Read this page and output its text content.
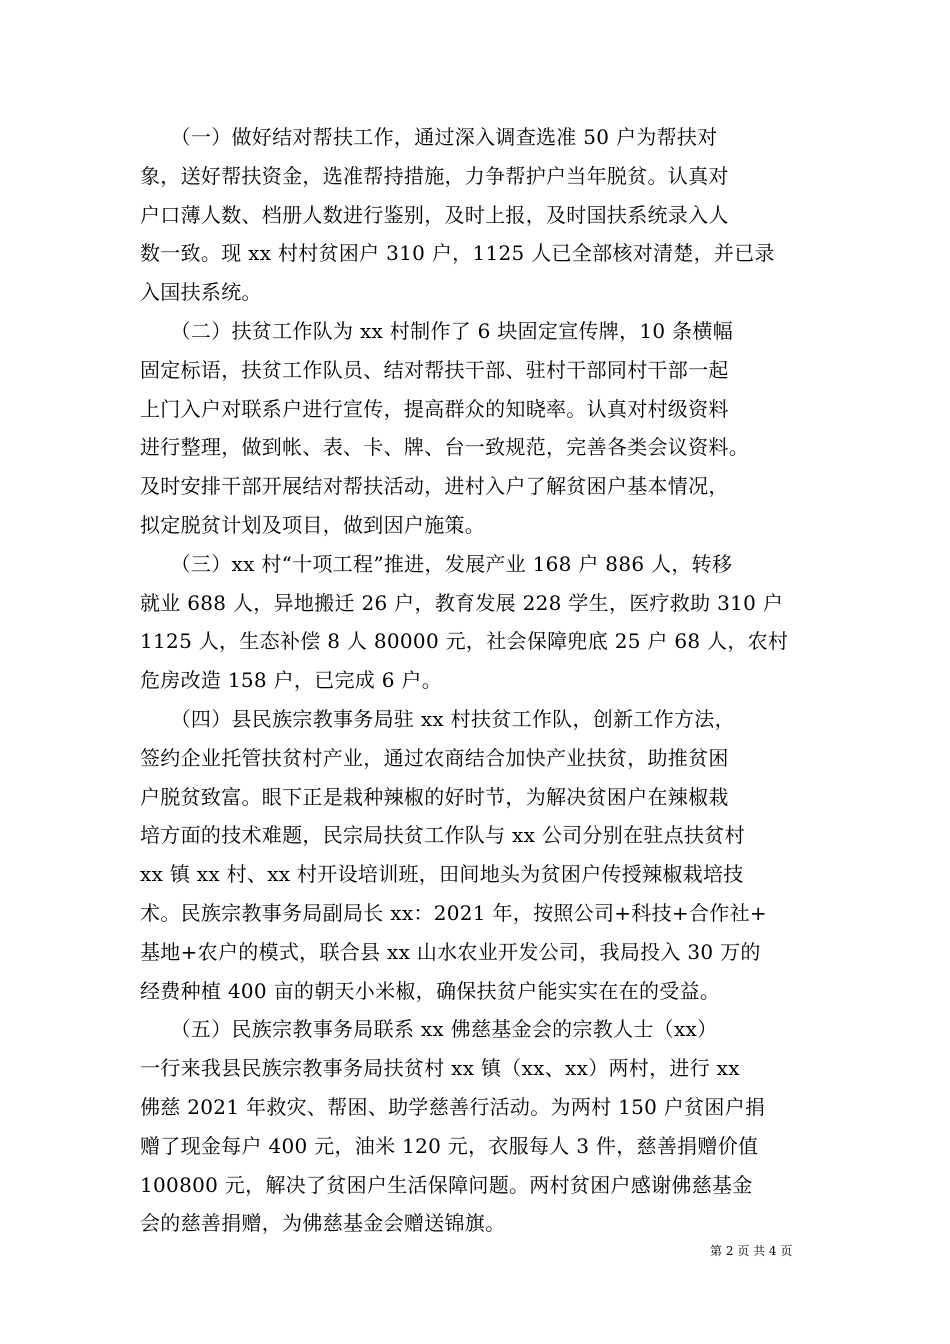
　　（一）做好结对帮扶工作，通过深入调查选准 50 户为帮扶对
象，送好帮扶资金，选准帮持措施，力争帮护户当年脱贫。认真对
户口薄人数、档册人数进行鉴别，及时上报，及时国扶系统录入人
数一致。现 xx 村村贫困户 310 户，1125 人已全部核对清楚，并已录
入国扶系统。
　　（二）扶贫工作队为 xx 村制作了 6 块固定宣传牌，10 条横幅
固定标语，扶贫工作队员、结对帮扶干部、驻村干部同村干部一起
上门入户对联系户进行宣传，提高群众的知晓率。认真对村级资料
进行整理，做到帐、表、卡、牌、台一致规范，完善各类会议资料。
及时安排干部开展结对帮扶活动，进村入户了解贫困户基本情况，
拟定脱贫计划及项目，做到因户施策。
　　（三）xx 村“十项工程”推进，发展产业 168 户 886 人，转移
就业 688 人，异地搬迁 26 户，教育发展 228 学生，医疗救助 310 户
1125 人，生态补偿 8 人 80000 元，社会保障兜底 25 户 68 人，农村
危房改造 158 户，已完成 6 户。
　　（四）县民族宗教事务局驻 xx 村扶贫工作队，创新工作方法，
签约企业托管扶贫村产业，通过农商结合加快产业扶贫，助推贫困
户脱贫致富。眼下正是栽种辣椒的好时节，为解决贫困户在辣椒栽
培方面的技术难题，民宗局扶贫工作队与 xx 公司分别在驻点扶贫村
xx 镇 xx 村、xx 村开设培训班，田间地头为贫困户传授辣椒栽培技
术。民族宗教事务局副局长 xx：2021 年，按照公司+科技+合作社+
基地+农户的模式，联合县 xx 山水农业开发公司，我局投入 30 万的
经费种植 400 亩的朝天小米椒，确保扶贫户能实实在在的受益。
　　（五）民族宗教事务局联系 xx 佛慈基金会的宗教人士（xx）
一行来我县民族宗教事务局扶贫村 xx 镇（xx、xx）两村，进行 xx
佛慈 2021 年救灾、帮困、助学慈善行活动。为两村 150 户贫困户捐
赠了现金每户 400 元，油米 120 元，衣服每人 3 件，慈善捐赠价值
100800 元，解决了贫困户生活保障问题。两村贫困户感谢佛慈基金
会的慈善捐赠，为佛慈基金会赠送锦旗。
第 2 页 共 4 页
